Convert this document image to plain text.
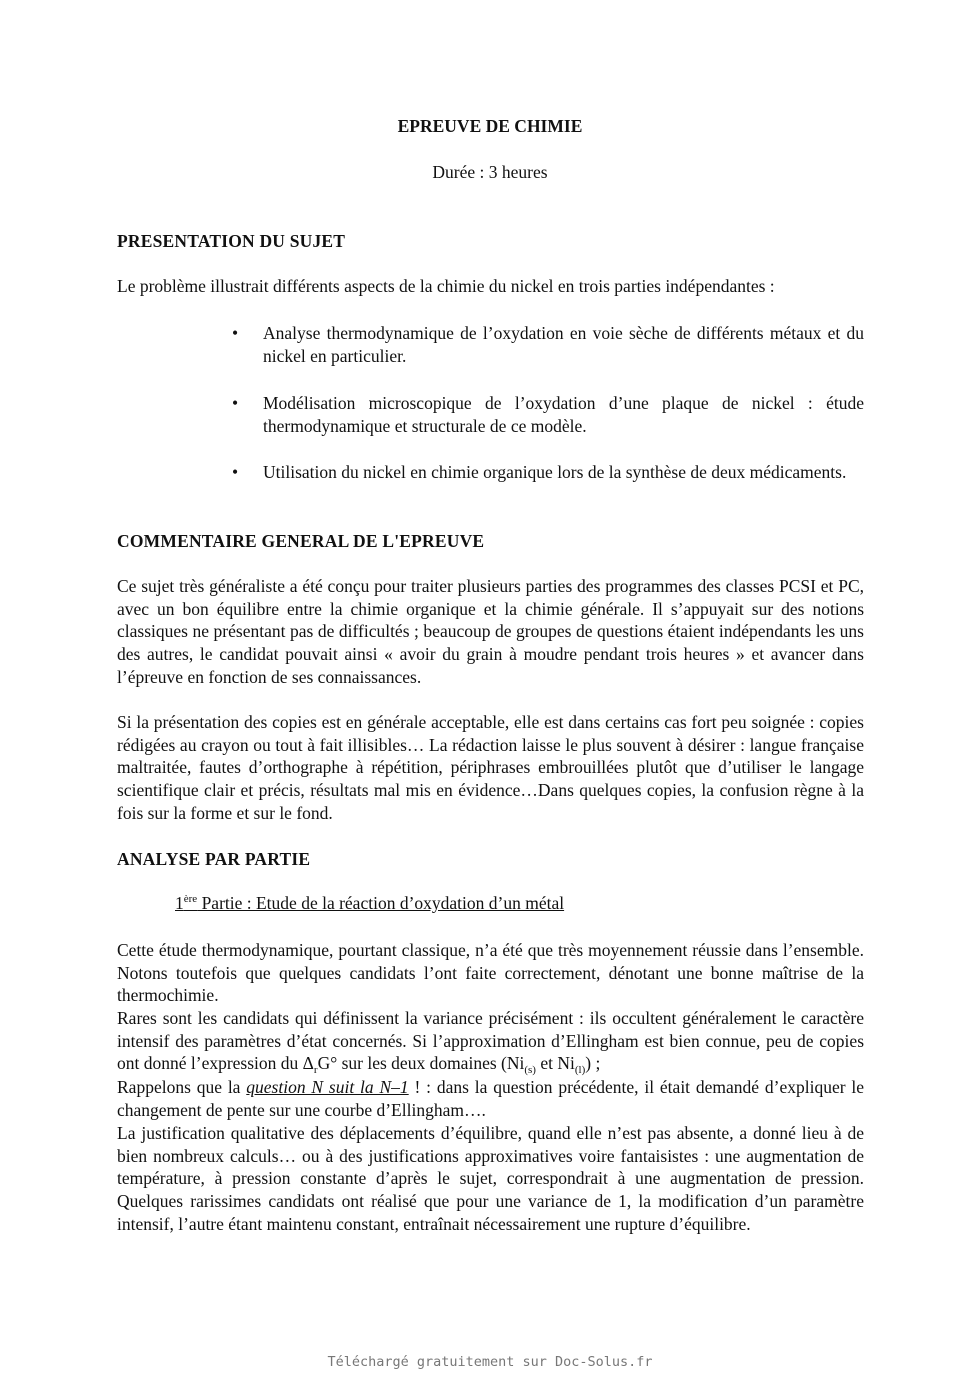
EPREUVE DE CHIMIE
Durée : 3 heures
PRESENTATION DU SUJET

Le problème illustrait différents aspects de la chimie du nickel en trois parties indépendantes :

•	Analyse thermodynamique de l’oxydation en voie sèche de différents métaux et du nickel en particulier.
•	Modélisation microscopique de l’oxydation d’une plaque de nickel : étude thermodynamique et structurale de ce modèle.
•	Utilisation du nickel en chimie organique lors de la synthèse de deux médicaments.
COMMENTAIRE GENERAL DE L'EPREUVE

Ce sujet très généraliste a été conçu pour traiter plusieurs parties des programmes des classes PCSI et PC, avec un bon équilibre entre la chimie organique et la chimie générale. Il s’appuyait sur des notions classiques ne présentant pas de difficultés ; beaucoup de groupes de questions étaient indépendants les uns des autres, le candidat pouvait ainsi « avoir du grain à moudre pendant trois heures » et avancer dans l’épreuve en fonction de ses connaissances.

Si la présentation des copies est en générale acceptable, elle est dans certains cas fort peu soignée : copies rédigées au crayon ou tout à fait illisibles… La rédaction laisse le plus souvent à désirer : langue française maltraitée, fautes d’orthographe à répétition, périphrases embrouillées plutôt que d’utiliser le langage scientifique clair et précis, résultats mal mis en évidence…Dans quelques copies, la confusion règne à la fois sur la forme et sur le fond.

ANALYSE PAR PARTIE
1ère Partie : Etude de la réaction d’oxydation d’un métal

Cette étude thermodynamique, pourtant classique, n’a été que très moyennement réussie dans l’ensemble. Notons toutefois que quelques candidats l’ont faite correctement, dénotant une bonne maîtrise de la thermochimie.

Rares sont les candidats qui définissent la variance précisément : ils occultent généralement le caractère intensif des paramètres d’état concernés. Si l’approximation d’Ellingham est bien connue, peu de copies ont donné l’expression du $\Delta_rG^\circ$ sur les deux domaines ($Ni_{(s)}$ et $Ni_{(l)}$) ;

Rappelons que la question N suit la N–1 ! : dans la question précédente, il était demandé d’expliquer le changement de pente sur une courbe d’Ellingham….

La justification qualitative des déplacements d’équilibre, quand elle n’est pas absente, a donné lieu à de bien nombreux calculs… ou à des justifications approximatives voire fantaisistes : une augmentation de température, à pression constante d’après le sujet, correspondrait à une augmentation de pression. Quelques rarissimes candidats ont réalisé que pour une variance de 1, la modification d’un paramètre intensif, l’autre étant maintenu constant, entraînait nécessairement une rupture d’équilibre.

Téléchargé gratuitement sur Doc-Solus.fr
